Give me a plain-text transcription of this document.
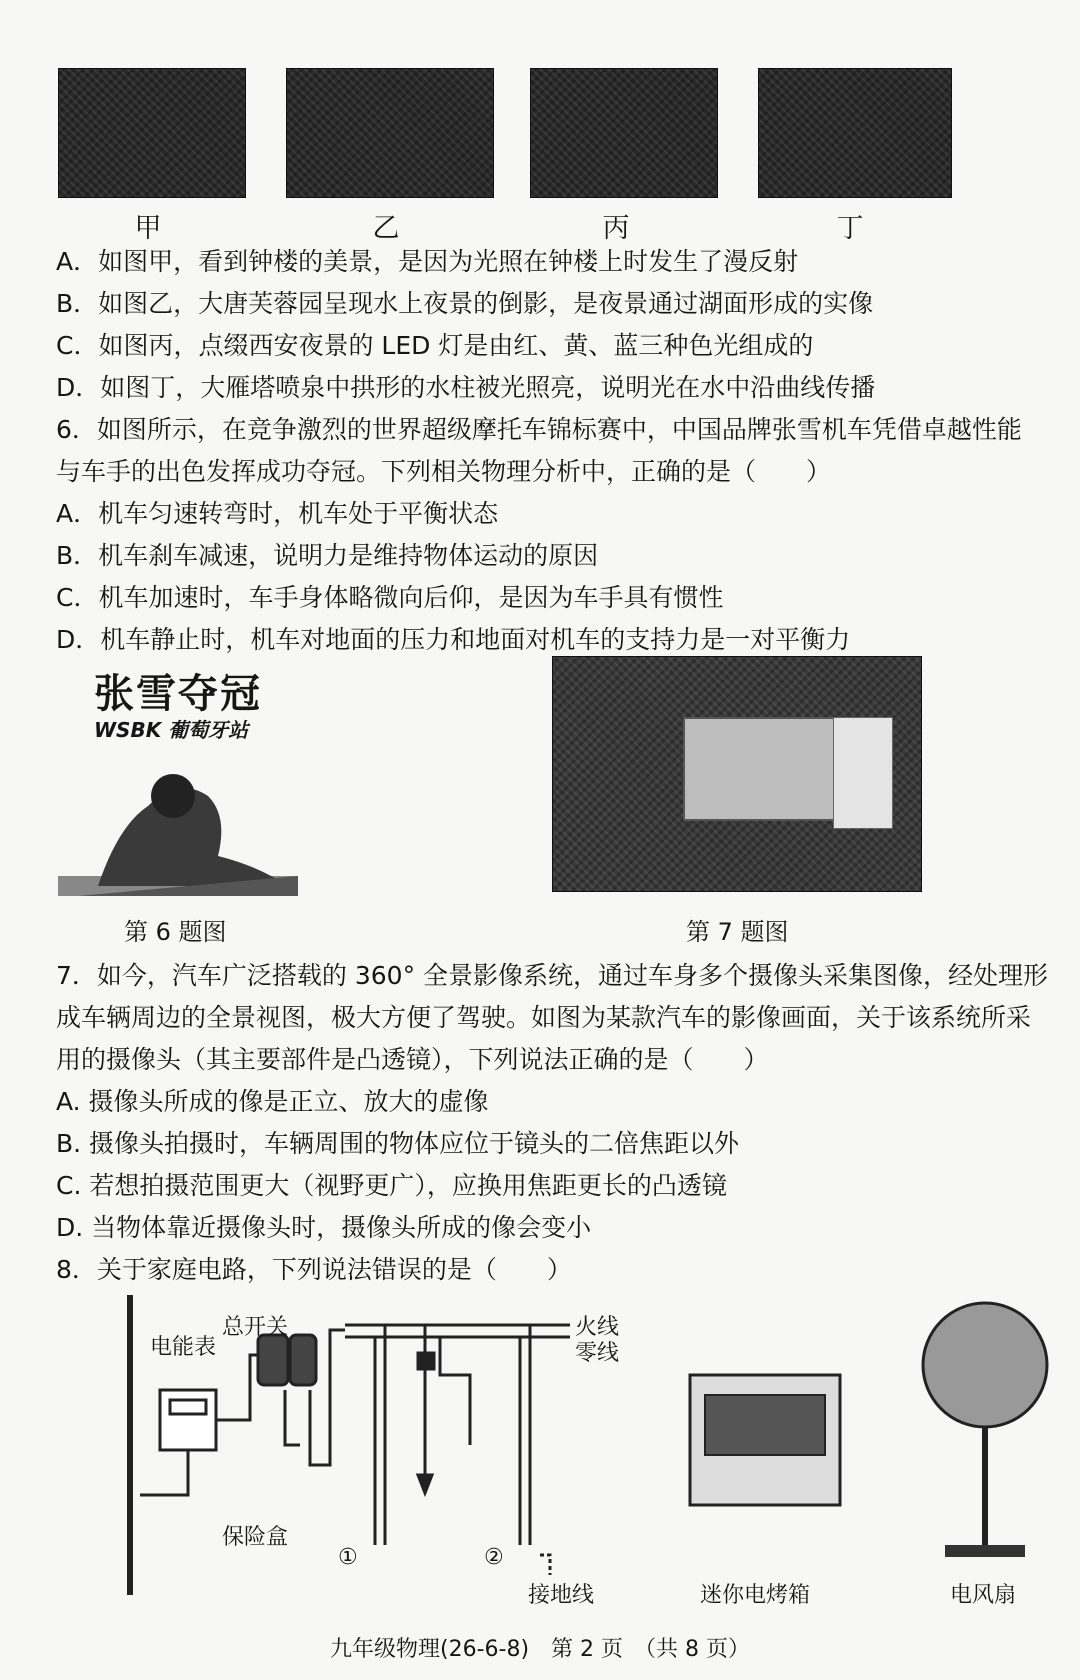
甲	乙	丙	丁
A．如图甲，看到钟楼的美景，是因为光照在钟楼上时发生了漫反射
B．如图乙，大唐芙蓉园呈现水上夜景的倒影，是夜景通过湖面形成的实像
C．如图丙，点缀西安夜景的 LED 灯是由红、黄、蓝三种色光组成的
D．如图丁，大雁塔喷泉中拱形的水柱被光照亮，说明光在水中沿曲线传播
6．如图所示，在竞争激烈的世界超级摩托车锦标赛中，中国品牌张雪机车凭借卓越性能
与车手的出色发挥成功夺冠。下列相关物理分析中，正确的是（　　）
A．机车匀速转弯时，机车处于平衡状态
B．机车刹车减速，说明力是维持物体运动的原因
C．机车加速时，车手身体略微向后仰，是因为车手具有惯性
D．机车静止时，机车对地面的压力和地面对机车的支持力是一对平衡力
张雪夺冠
WSBK 葡萄牙站
第 6 题图	第 7 题图
7．如今，汽车广泛搭载的 360° 全景影像系统，通过车身多个摄像头采集图像，经处理形
成车辆周边的全景视图，极大方便了驾驶。如图为某款汽车的影像画面，关于该系统所采
用的摄像头（其主要部件是凸透镜），下列说法正确的是（　　）
A. 摄像头所成的像是正立、放大的虚像
B. 摄像头拍摄时，车辆周围的物体应位于镜头的二倍焦距以外
C. 若想拍摄范围更大（视野更广），应换用焦距更长的凸透镜
D. 当物体靠近摄像头时，摄像头所成的像会变小
8．关于家庭电路，下列说法错误的是（　　）
电能表
总开关	火线
零线
保险盒
①	②
接地线	迷你电烤箱	电风扇
九年级物理(26-6-8)　第 2 页　（共 8 页）
